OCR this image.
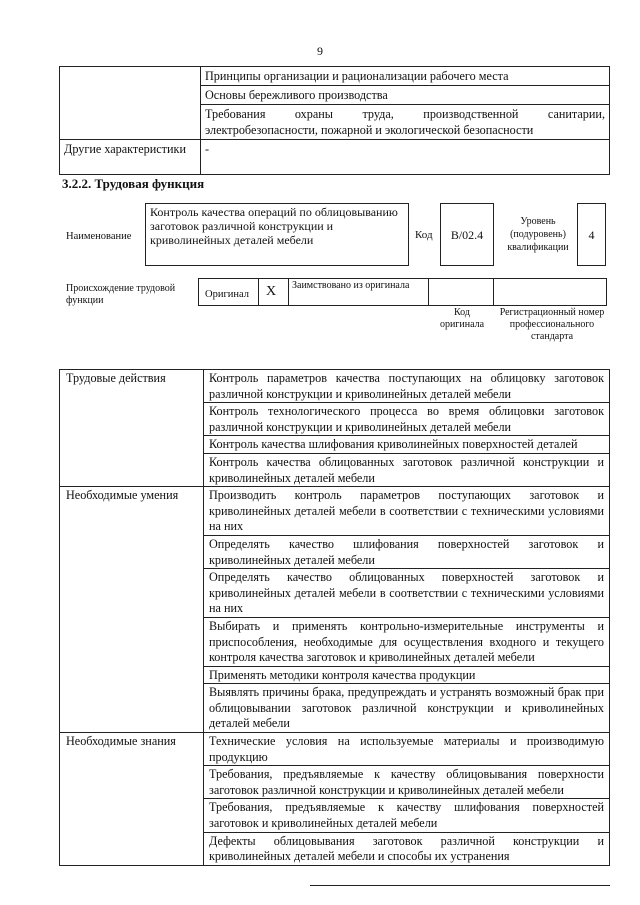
9
	Принципы организации и рационализации рабочего места
	Основы бережливого производства
	Требования охраны труда, производственной санитарии, электробезопасности, пожарной и экологической безопасности
Другие характеристики	-
3.2.2. Трудовая функция
Наименование
Контроль качества операций по облицовыванию заготовок различной конструкции и криволинейных деталей мебели	Код В/02.4
Уровень (подуровень) квалификации
4
Происхождение трудовой функции
Оригинал X Заимствовано из оригинала
Код оригинала
Регистрационный номер профессионального стандарта
Трудовые действия	Контроль параметров качества поступающих на облицовку заготовок различной конструкции и криволинейных деталей мебели
	Контроль технологического процесса во время облицовки заготовок различной конструкции и криволинейных деталей мебели
	Контроль качества шлифования криволинейных поверхностей деталей
	Контроль качества облицованных заготовок различной конструкции и криволинейных деталей мебели
Необходимые умения	Производить контроль параметров поступающих заготовок и криволинейных деталей мебели в соответствии с техническими условиями на них
	Определять качество шлифования поверхностей заготовок и криволинейных деталей мебели
	Определять качество облицованных поверхностей заготовок и криволинейных деталей мебели в соответствии с техническими условиями на них
	Выбирать и применять контрольно-измерительные инструменты и приспособления, необходимые для осуществления входного и текущего контроля качества заготовок и криволинейных деталей мебели
	Применять методики контроля качества продукции
	Выявлять причины брака, предупреждать и устранять возможный брак при облицовывании заготовок различной конструкции и криволинейных деталей мебели
Необходимые знания	Технические условия на используемые материалы и производимую продукцию
	Требования, предъявляемые к качеству облицовывания поверхности заготовок различной конструкции и криволинейных деталей мебели
	Требования, предъявляемые к качеству шлифования поверхностей заготовок и криволинейных деталей мебели
	Дефекты облицовывания заготовок различной конструкции и криволинейных деталей мебели и способы их устранения
